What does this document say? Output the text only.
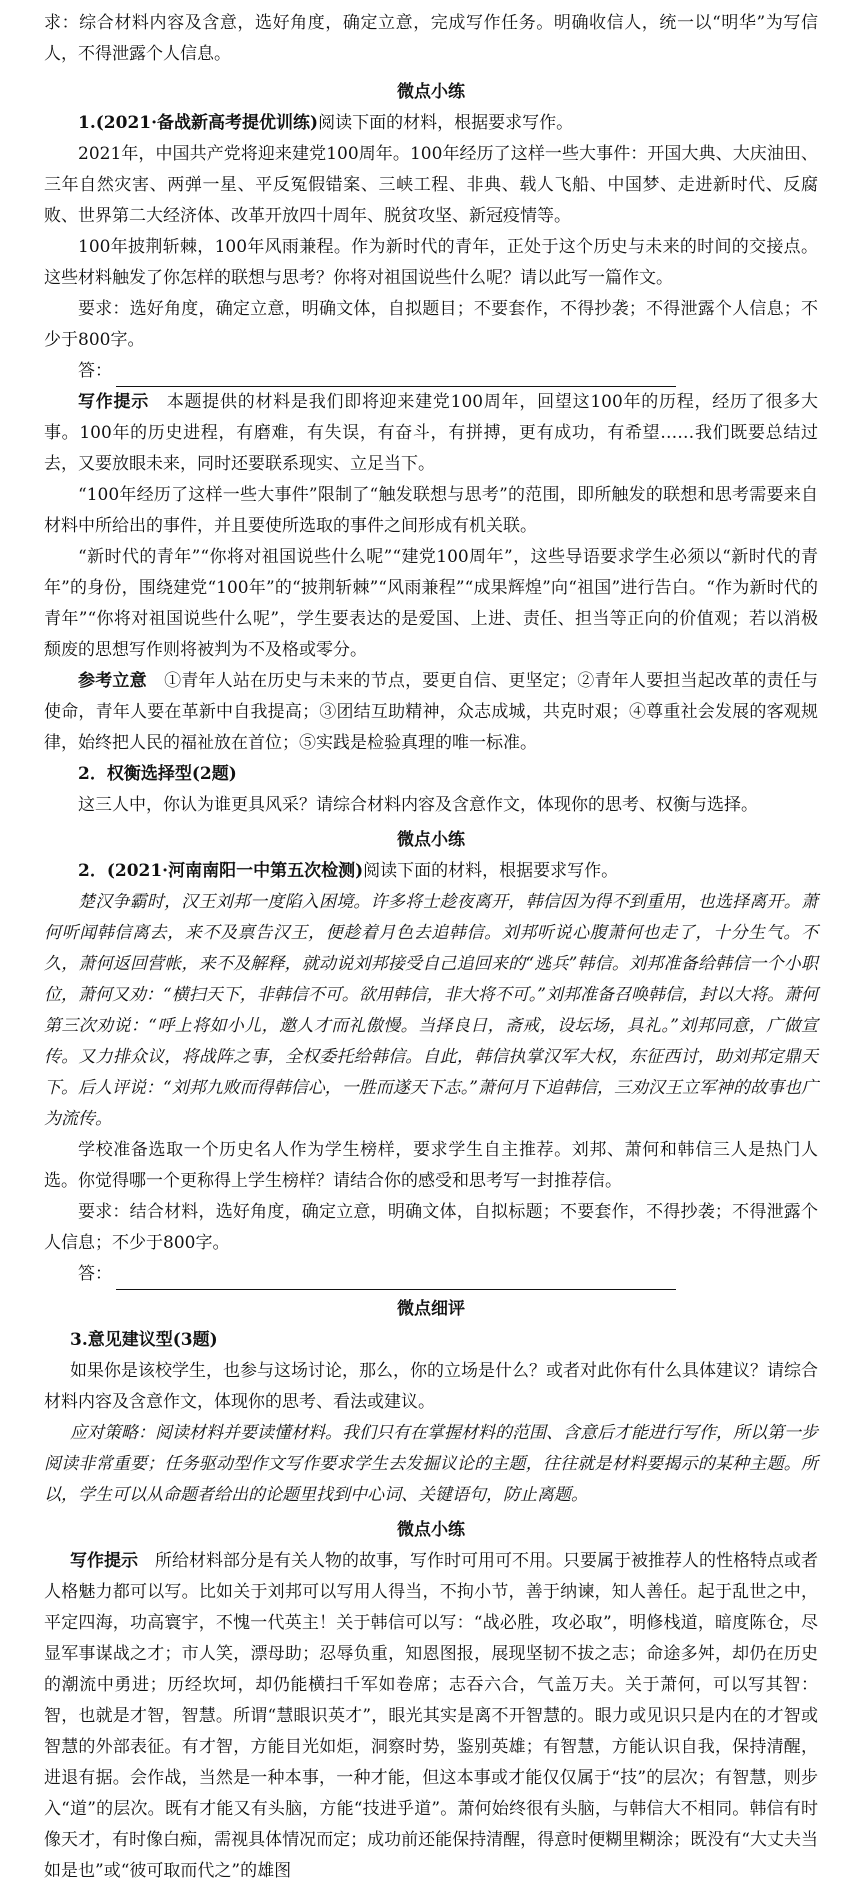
求：综合材料内容及含意，选好角度，确定立意，完成写作任务。明确收信人，统一以“明华”为写信人，不得泄露个人信息。

微点小练

1.(2021·备战新高考提优训练)阅读下面的材料，根据要求写作。

2021年，中国共产党将迎来建党100周年。100年经历了这样一些大事件：开国大典、大庆油田、三年自然灾害、两弹一星、平反冤假错案、三峡工程、非典、载人飞船、中国梦、走进新时代、反腐败、世界第二大经济体、改革开放四十周年、脱贫攻坚、新冠疫情等。

100年披荆斩棘，100年风雨兼程。作为新时代的青年，正处于这个历史与未来的时间的交接点。这些材料触发了你怎样的联想与思考？你将对祖国说些什么呢？请以此写一篇作文。

要求：选好角度，确定立意，明确文体，自拟题目；不要套作，不得抄袭；不得泄露个人信息；不少于800字。

答：

写作提示　 本题提供的材料是我们即将迎来建党100周年，回望这100年的历程，经历了很多大事。100年的历史进程，有磨难，有失误，有奋斗，有拼搏，更有成功，有希望……我们既要总结过去，又要放眼未来，同时还要联系现实、立足当下。

“100年经历了这样一些大事件”限制了“触发联想与思考”的范围，即所触发的联想和思考需要来自材料中所给出的事件，并且要使所选取的事件之间形成有机关联。

“新时代的青年”“你将对祖国说些什么呢”“建党100周年”，这些导语要求学生必须以“新时代的青年”的身份，围绕建党“100年”的“披荆斩棘”“风雨兼程”“成果辉煌”向“祖国”进行告白。“作为新时代的青年”“你将对祖国说些什么呢”，学生要表达的是爱国、上进、责任、担当等正向的价值观；若以消极颓废的思想写作则将被判为不及格或零分。

参考立意　 ①青年人站在历史与未来的节点，要更自信、更坚定；②青年人要担当起改革的责任与使命，青年人要在革新中自我提高；③团结互助精神，众志成城，共克时艰；④尊重社会发展的客观规律，始终把人民的福祉放在首位；⑤实践是检验真理的唯一标准。

2．权衡选择型(2题)

这三人中，你认为谁更具风采？请综合材料内容及含意作文，体现你的思考、权衡与选择。

微点小练

2．(2021·河南南阳一中第五次检测)阅读下面的材料，根据要求写作。

楚汉争霸时，汉王刘邦一度陷入困境。许多将士趁夜离开，韩信因为得不到重用，也选择离开。萧何听闻韩信离去，来不及禀告汉王，便趁着月色去追韩信。刘邦听说心腹萧何也走了，十分生气。不久，萧何返回营帐，来不及解释，就动说刘邦接受自己追回来的“逃兵”韩信。刘邦准备给韩信一个小职位，萧何又劝：“横扫天下，非韩信不可。欲用韩信，非大将不可。”刘邦准备召唤韩信，封以大将。萧何第三次劝说：“呼上将如小儿，邀人才而礼傲慢。当择良日，斋戒，设坛场，具礼。”刘邦同意，广做宣传。又力排众议，将战阵之事，全权委托给韩信。自此，韩信执掌汉军大权，东征西讨，助刘邦定鼎天下。后人评说：“刘邦九败而得韩信心，一胜而遂天下志。”萧何月下追韩信，三劝汉王立军神的故事也广为流传。

学校准备选取一个历史名人作为学生榜样，要求学生自主推荐。刘邦、萧何和韩信三人是热门人选。你觉得哪一个更称得上学生榜样？请结合你的感受和思考写一封推荐信。

要求：结合材料，选好角度，确定立意，明确文体，自拟标题；不要套作，不得抄袭；不得泄露个人信息；不少于800字。

答：

微点细评

3.意见建议型(3题)

如果你是该校学生，也参与这场讨论，那么，你的立场是什么？或者对此你有什么具体建议？请综合材料内容及含意作文，体现你的思考、看法或建议。

应对策略：阅读材料并要读懂材料。我们只有在掌握材料的范围、含意后才能进行写作，所以第一步阅读非常重要；任务驱动型作文写作要求学生去发掘议论的主题，往往就是材料要揭示的某种主题。所以，学生可以从命题者给出的论题里找到中心词、关键语句，防止离题。

微点小练

写作提示　 所给材料部分是有关人物的故事，写作时可用可不用。只要属于被推荐人的性格特点或者人格魅力都可以写。比如关于刘邦可以写用人得当，不拘小节，善于纳谏，知人善任。起于乱世之中，平定四海，功高寰宇，不愧一代英主！关于韩信可以写：“战必胜，攻必取”，明修栈道，暗度陈仓，尽显军事谋战之才；市人笑，漂母助；忍辱负重，知恩图报，展现坚韧不拔之志；命途多舛，却仍在历史的潮流中勇进；历经坎坷，却仍能横扫千军如卷席；志吞六合，气盖万夫。关于萧何，可以写其智：智，也就是才智，智慧。所谓“慧眼识英才”，眼光其实是离不开智慧的。眼力或见识只是内在的才智或智慧的外部表征。有才智，方能目光如炬，洞察时势，鉴别英雄；有智慧，方能认识自我，保持清醒，进退有据。会作战，当然是一种本事，一种才能，但这本事或才能仅仅属于“技”的层次；有智慧，则步入“道”的层次。既有才能又有头脑，方能“技进乎道”。萧何始终很有头脑，与韩信大不相同。韩信有时像天才，有时像白痴，需视具体情况而定；成功前还能保持清醒，得意时便糊里糊涂；既没有“大丈夫当如是也”或“彼可取而代之”的雄图
